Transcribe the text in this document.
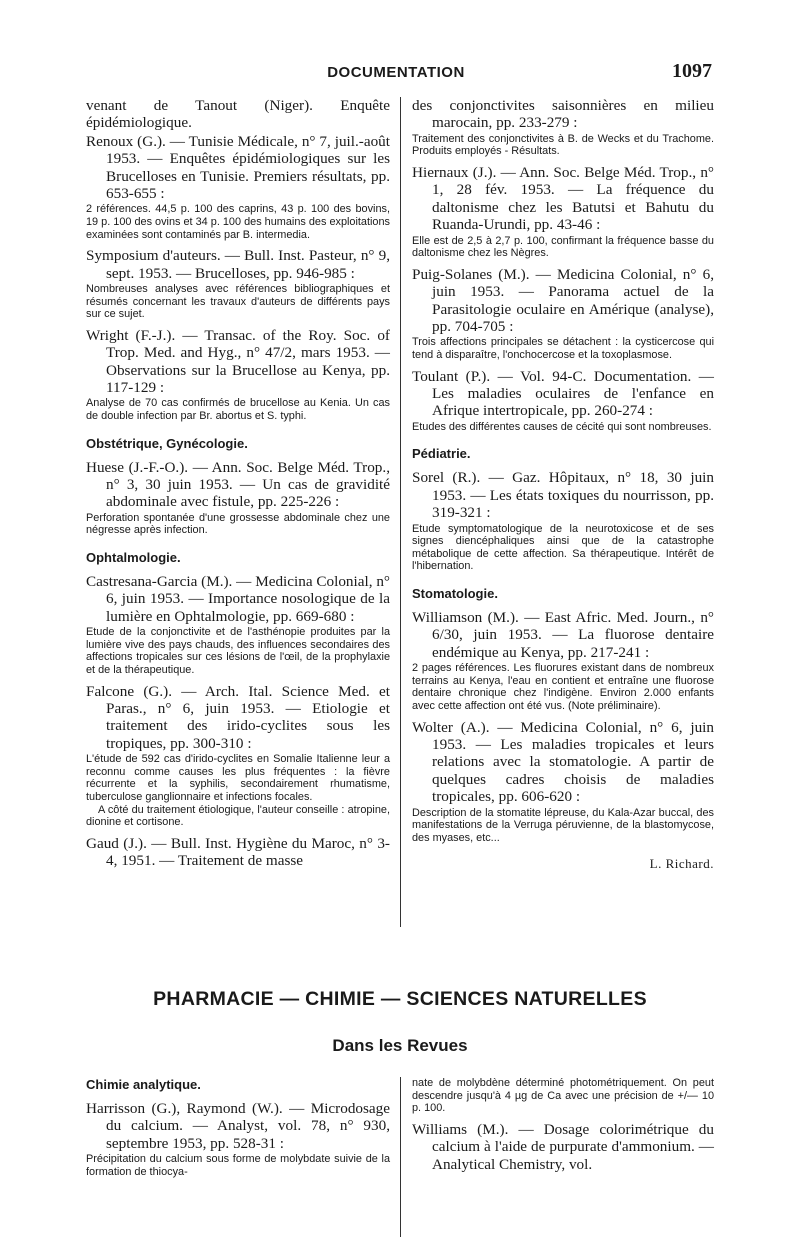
DOCUMENTATION	1097

venant de Tanout (Niger). Enquête épidémiologique.

Renoux (G.). — Tunisie Médicale, n° 7, juil.-août 1953. — Enquêtes épidémiologiques sur les Brucelloses en Tunisie. Premiers résultats, pp. 653-655 :

2 références. 44,5 p. 100 des caprins, 43 p. 100 des bovins, 19 p. 100 des ovins et 34 p. 100 des humains des exploitations examinées sont contaminés par B. intermedia.

Symposium d'auteurs. — Bull. Inst. Pasteur, n° 9, sept. 1953. — Brucelloses, pp. 946-985 :

Nombreuses analyses avec références bibliographiques et résumés concernant les travaux d'auteurs de différents pays sur ce sujet.

Wright (F.-J.). — Transac. of the Roy. Soc. of Trop. Med. and Hyg., n° 47/2, mars 1953. — Observations sur la Brucellose au Kenya, pp. 117-129 :

Analyse de 70 cas confirmés de brucellose au Kenia. Un cas de double infection par Br. abortus et S. typhi.

Obstétrique, Gynécologie.

Huese (J.-F.-O.). — Ann. Soc. Belge Méd. Trop., n° 3, 30 juin 1953. — Un cas de gravidité abdominale avec fistule, pp. 225-226 :

Perforation spontanée d'une grossesse abdominale chez une négresse après infection.

Ophtalmologie.

Castresana-Garcia (M.). — Medicina Colonial, n° 6, juin 1953. — Importance nosologique de la lumière en Ophtalmologie, pp. 669-680 :

Etude de la conjonctivite et de l'asthénopie produites par la lumière vive des pays chauds, des influences secondaires des affections tropicales sur ces lésions de l'œil, de la prophylaxie et de la thérapeutique.

Falcone (G.). — Arch. Ital. Science Med. et Paras., n° 6, juin 1953. — Etiologie et traitement des irido-cyclites sous les tropiques, pp. 300-310 :

L'étude de 592 cas d'irido-cyclites en Somalie Italienne leur a reconnu comme causes les plus fréquentes : la fièvre récurrente et la syphilis, secondairement rhumatisme, tuberculose ganglionnaire et infections focales.

A côté du traitement étiologique, l'auteur conseille : atropine, dionine et cortisone.

Gaud (J.). — Bull. Inst. Hygiène du Maroc, n° 3-4, 1951. — Traitement de masse

des conjonctivites saisonnières en milieu marocain, pp. 233-279 :

Traitement des conjonctivites à B. de Wecks et du Trachome. Produits employés - Résultats.

Hiernaux (J.). — Ann. Soc. Belge Méd. Trop., n° 1, 28 fév. 1953. — La fréquence du daltonisme chez les Batutsi et Bahutu du Ruanda-Urundi, pp. 43-46 :

Elle est de 2,5 à 2,7 p. 100, confirmant la fréquence basse du daltonisme chez les Nègres.

Puig-Solanes (M.). — Medicina Colonial, n° 6, juin 1953. — Panorama actuel de la Parasitologie oculaire en Amérique (analyse), pp. 704-705 :

Trois affections principales se détachent : la cysticercose qui tend à disparaître, l'onchocercose et la toxoplasmose.

Toulant (P.). — Vol. 94-C. Documentation. — Les maladies oculaires de l'enfance en Afrique intertropicale, pp. 260-274 :

Etudes des différentes causes de cécité qui sont nombreuses.

Pédiatrie.

Sorel (R.). — Gaz. Hôpitaux, n° 18, 30 juin 1953. — Les états toxiques du nourrisson, pp. 319-321 :

Etude symptomatologique de la neurotoxicose et de ses signes diencéphaliques ainsi que de la catastrophe métabolique de cette affection. Sa thérapeutique. Intérêt de l'hibernation.

Stomatologie.

Williamson (M.). — East Afric. Med. Journ., n° 6/30, juin 1953. — La fluorose dentaire endémique au Kenya, pp. 217-241 :

2 pages références. Les fluorures existant dans de nombreux terrains au Kenya, l'eau en contient et entraîne une fluorose dentaire chronique chez l'indigène. Environ 2.000 enfants avec cette affection ont été vus. (Note préliminaire).

Wolter (A.). — Medicina Colonial, n° 6, juin 1953. — Les maladies tropicales et leurs relations avec la stomatologie. A partir de quelques cadres choisis de maladies tropicales, pp. 606-620 :

Description de la stomatite lépreuse, du Kala-Azar buccal, des manifestations de la Verruga péruvienne, de la blastomycose, des myases, etc...

L. Richard.
PHARMACIE — CHIMIE — SCIENCES NATURELLES
Dans les Revues
Chimie analytique.

Harrisson (G.), Raymond (W.). — Microdosage du calcium. — Analyst, vol. 78, n° 930, septembre 1953, pp. 528-31 :

Précipitation du calcium sous forme de molybdate suivie de la formation de thiocya-

nate de molybdène déterminé photométriquement. On peut descendre jusqu'à 4 µg de Ca avec une précision de +/— 10 p. 100.

Williams (M.). — Dosage colorimétrique du calcium à l'aide de purpurate d'ammonium. — Analytical Chemistry, vol.
